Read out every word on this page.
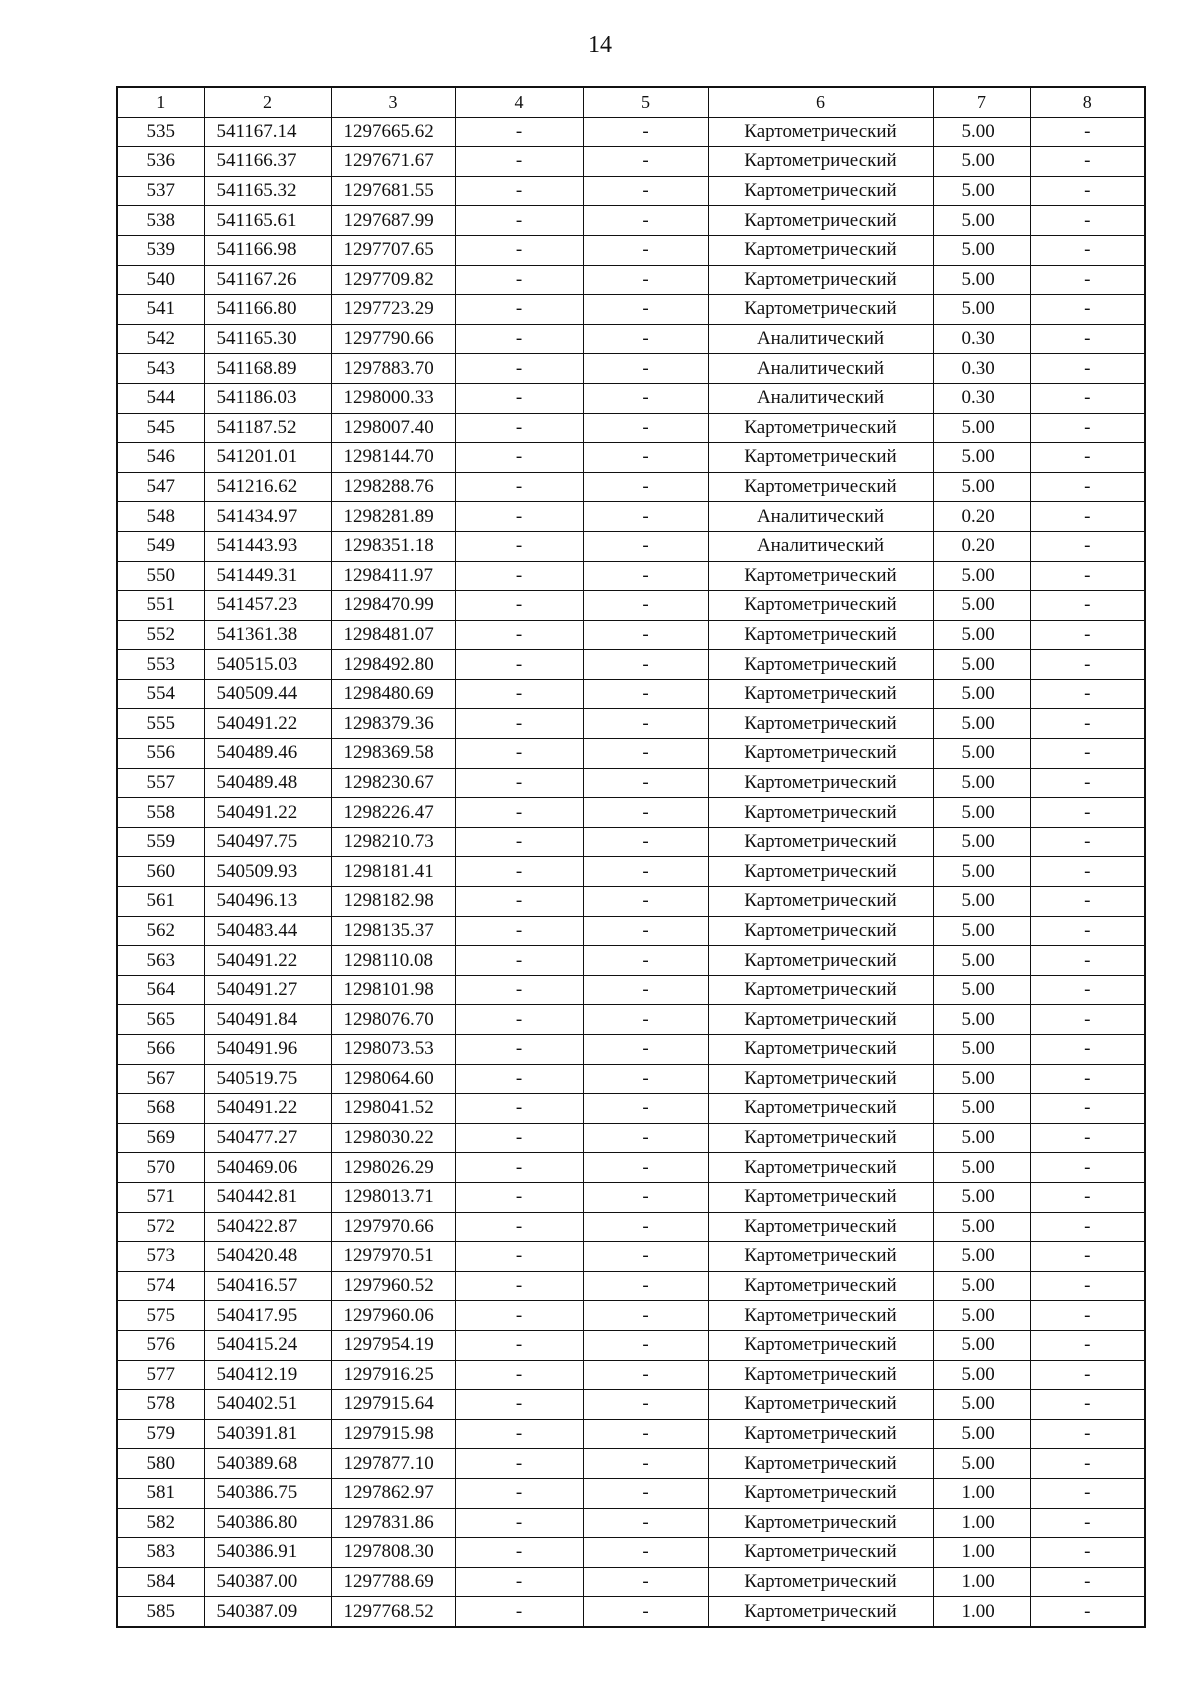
14
1	2	3	4	5	6	7	8
535	541167.14	1297665.62	-	-	Картометрический	5.00	-
536	541166.37	1297671.67	-	-	Картометрический	5.00	-
537	541165.32	1297681.55	-	-	Картометрический	5.00	-
538	541165.61	1297687.99	-	-	Картометрический	5.00	-
539	541166.98	1297707.65	-	-	Картометрический	5.00	-
540	541167.26	1297709.82	-	-	Картометрический	5.00	-
541	541166.80	1297723.29	-	-	Картометрический	5.00	-
542	541165.30	1297790.66	-	-	Аналитический	0.30	-
543	541168.89	1297883.70	-	-	Аналитический	0.30	-
544	541186.03	1298000.33	-	-	Аналитический	0.30	-
545	541187.52	1298007.40	-	-	Картометрический	5.00	-
546	541201.01	1298144.70	-	-	Картометрический	5.00	-
547	541216.62	1298288.76	-	-	Картометрический	5.00	-
548	541434.97	1298281.89	-	-	Аналитический	0.20	-
549	541443.93	1298351.18	-	-	Аналитический	0.20	-
550	541449.31	1298411.97	-	-	Картометрический	5.00	-
551	541457.23	1298470.99	-	-	Картометрический	5.00	-
552	541361.38	1298481.07	-	-	Картометрический	5.00	-
553	540515.03	1298492.80	-	-	Картометрический	5.00	-
554	540509.44	1298480.69	-	-	Картометрический	5.00	-
555	540491.22	1298379.36	-	-	Картометрический	5.00	-
556	540489.46	1298369.58	-	-	Картометрический	5.00	-
557	540489.48	1298230.67	-	-	Картометрический	5.00	-
558	540491.22	1298226.47	-	-	Картометрический	5.00	-
559	540497.75	1298210.73	-	-	Картометрический	5.00	-
560	540509.93	1298181.41	-	-	Картометрический	5.00	-
561	540496.13	1298182.98	-	-	Картометрический	5.00	-
562	540483.44	1298135.37	-	-	Картометрический	5.00	-
563	540491.22	1298110.08	-	-	Картометрический	5.00	-
564	540491.27	1298101.98	-	-	Картометрический	5.00	-
565	540491.84	1298076.70	-	-	Картометрический	5.00	-
566	540491.96	1298073.53	-	-	Картометрический	5.00	-
567	540519.75	1298064.60	-	-	Картометрический	5.00	-
568	540491.22	1298041.52	-	-	Картометрический	5.00	-
569	540477.27	1298030.22	-	-	Картометрический	5.00	-
570	540469.06	1298026.29	-	-	Картометрический	5.00	-
571	540442.81	1298013.71	-	-	Картометрический	5.00	-
572	540422.87	1297970.66	-	-	Картометрический	5.00	-
573	540420.48	1297970.51	-	-	Картометрический	5.00	-
574	540416.57	1297960.52	-	-	Картометрический	5.00	-
575	540417.95	1297960.06	-	-	Картометрический	5.00	-
576	540415.24	1297954.19	-	-	Картометрический	5.00	-
577	540412.19	1297916.25	-	-	Картометрический	5.00	-
578	540402.51	1297915.64	-	-	Картометрический	5.00	-
579	540391.81	1297915.98	-	-	Картометрический	5.00	-
580	540389.68	1297877.10	-	-	Картометрический	5.00	-
581	540386.75	1297862.97	-	-	Картометрический	1.00	-
582	540386.80	1297831.86	-	-	Картометрический	1.00	-
583	540386.91	1297808.30	-	-	Картометрический	1.00	-
584	540387.00	1297788.69	-	-	Картометрический	1.00	-
585	540387.09	1297768.52	-	-	Картометрический	1.00	-
